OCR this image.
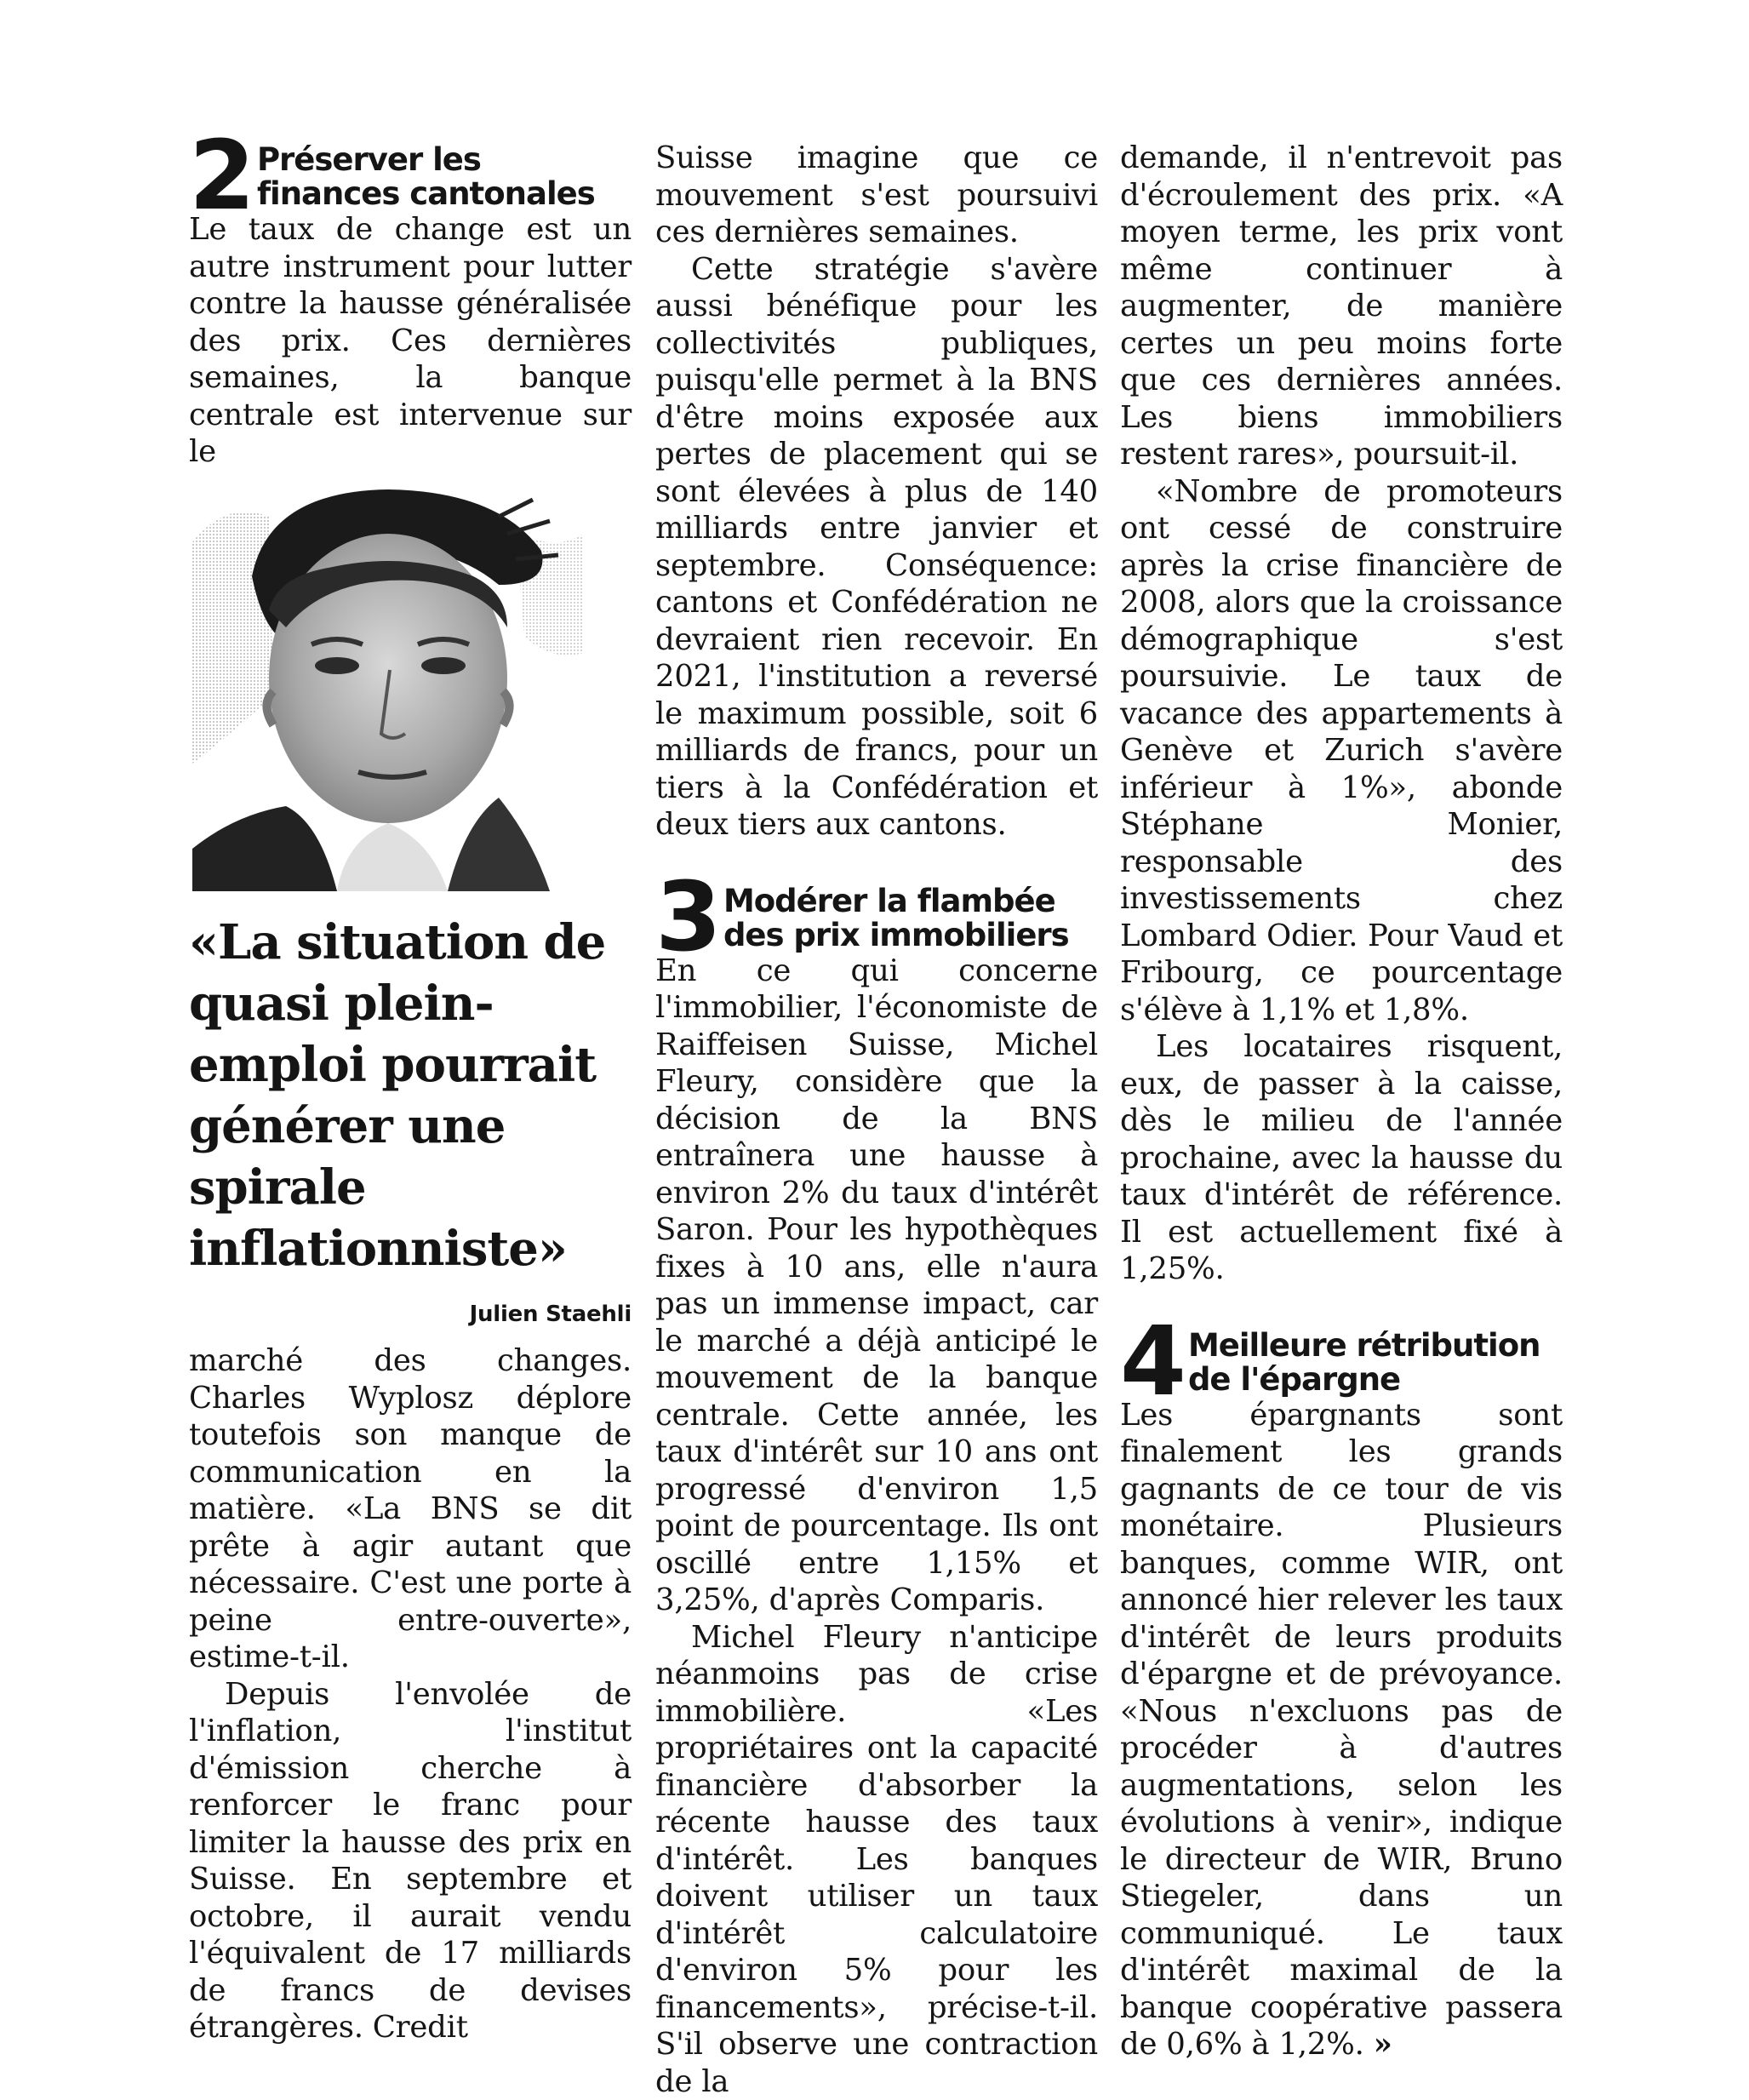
2 Préserver les
finances cantonales

Le taux de change est un autre instrument pour lutter contre la hausse généralisée des prix. Ces dernières semaines, la banque centrale est intervenue sur le

«La situation de quasi plein-emploi pourrait générer une spirale inflationniste»
Julien Staehli

marché des changes. Charles Wyplosz déplore toutefois son manque de communication en la matière. «La BNS se dit prête à agir autant que nécessaire. C'est une porte à peine entre-ouverte», estime-t-il.

Depuis l'envolée de l'inflation, l'institut d'émission cherche à renforcer le franc pour limiter la hausse des prix en Suisse. En septembre et octobre, il aurait vendu l'équivalent de 17 milliards de francs de devises étrangères. Credit

Suisse imagine que ce mouvement s'est poursuivi ces dernières semaines.

Cette stratégie s'avère aussi bénéfique pour les collectivités publiques, puisqu'elle permet à la BNS d'être moins exposée aux pertes de placement qui se sont élevées à plus de 140 milliards entre janvier et septembre. Conséquence: cantons et Confédération ne devraient rien recevoir. En 2021, l'institution a reversé le maximum possible, soit 6 milliards de francs, pour un tiers à la Confédération et deux tiers aux cantons.

3 Modérer la flambée
des prix immobiliers

En ce qui concerne l'immobilier, l'économiste de Raiffeisen Suisse, Michel Fleury, considère que la décision de la BNS entraînera une hausse à environ 2% du taux d'intérêt Saron. Pour les hypothèques fixes à 10 ans, elle n'aura pas un immense impact, car le marché a déjà anticipé le mouvement de la banque centrale. Cette année, les taux d'intérêt sur 10 ans ont progressé d'environ 1,5 point de pourcentage. Ils ont oscillé entre 1,15% et 3,25%, d'après Comparis.

Michel Fleury n'anticipe néanmoins pas de crise immobilière. «Les propriétaires ont la capacité financière d'absorber la récente hausse des taux d'intérêt. Les banques doivent utiliser un taux d'intérêt calculatoire d'environ 5% pour les financements», précise-t-il. S'il observe une contraction de la

demande, il n'entrevoit pas d'écroulement des prix. «A moyen terme, les prix vont même continuer à augmenter, de manière certes un peu moins forte que ces dernières années. Les biens immobiliers restent rares», poursuit-il.

«Nombre de promoteurs ont cessé de construire après la crise financière de 2008, alors que la croissance démographique s'est poursuivie. Le taux de vacance des appartements à Genève et Zurich s'avère inférieur à 1%», abonde Stéphane Monier, responsable des investissements chez Lombard Odier. Pour Vaud et Fribourg, ce pourcentage s'élève à 1,1% et 1,8%.

Les locataires risquent, eux, de passer à la caisse, dès le milieu de l'année prochaine, avec la hausse du taux d'intérêt de référence. Il est actuellement fixé à 1,25%.

4 Meilleure rétribution
de l'épargne

Les épargnants sont finalement les grands gagnants de ce tour de vis monétaire. Plusieurs banques, comme WIR, ont annoncé hier relever les taux d'intérêt de leurs produits d'épargne et de prévoyance. «Nous n'excluons pas de procéder à d'autres augmentations, selon les évolutions à venir», indique le directeur de WIR, Bruno Stiegeler, dans un communiqué. Le taux d'intérêt maximal de la banque coopérative passera de 0,6% à 1,2%. »
